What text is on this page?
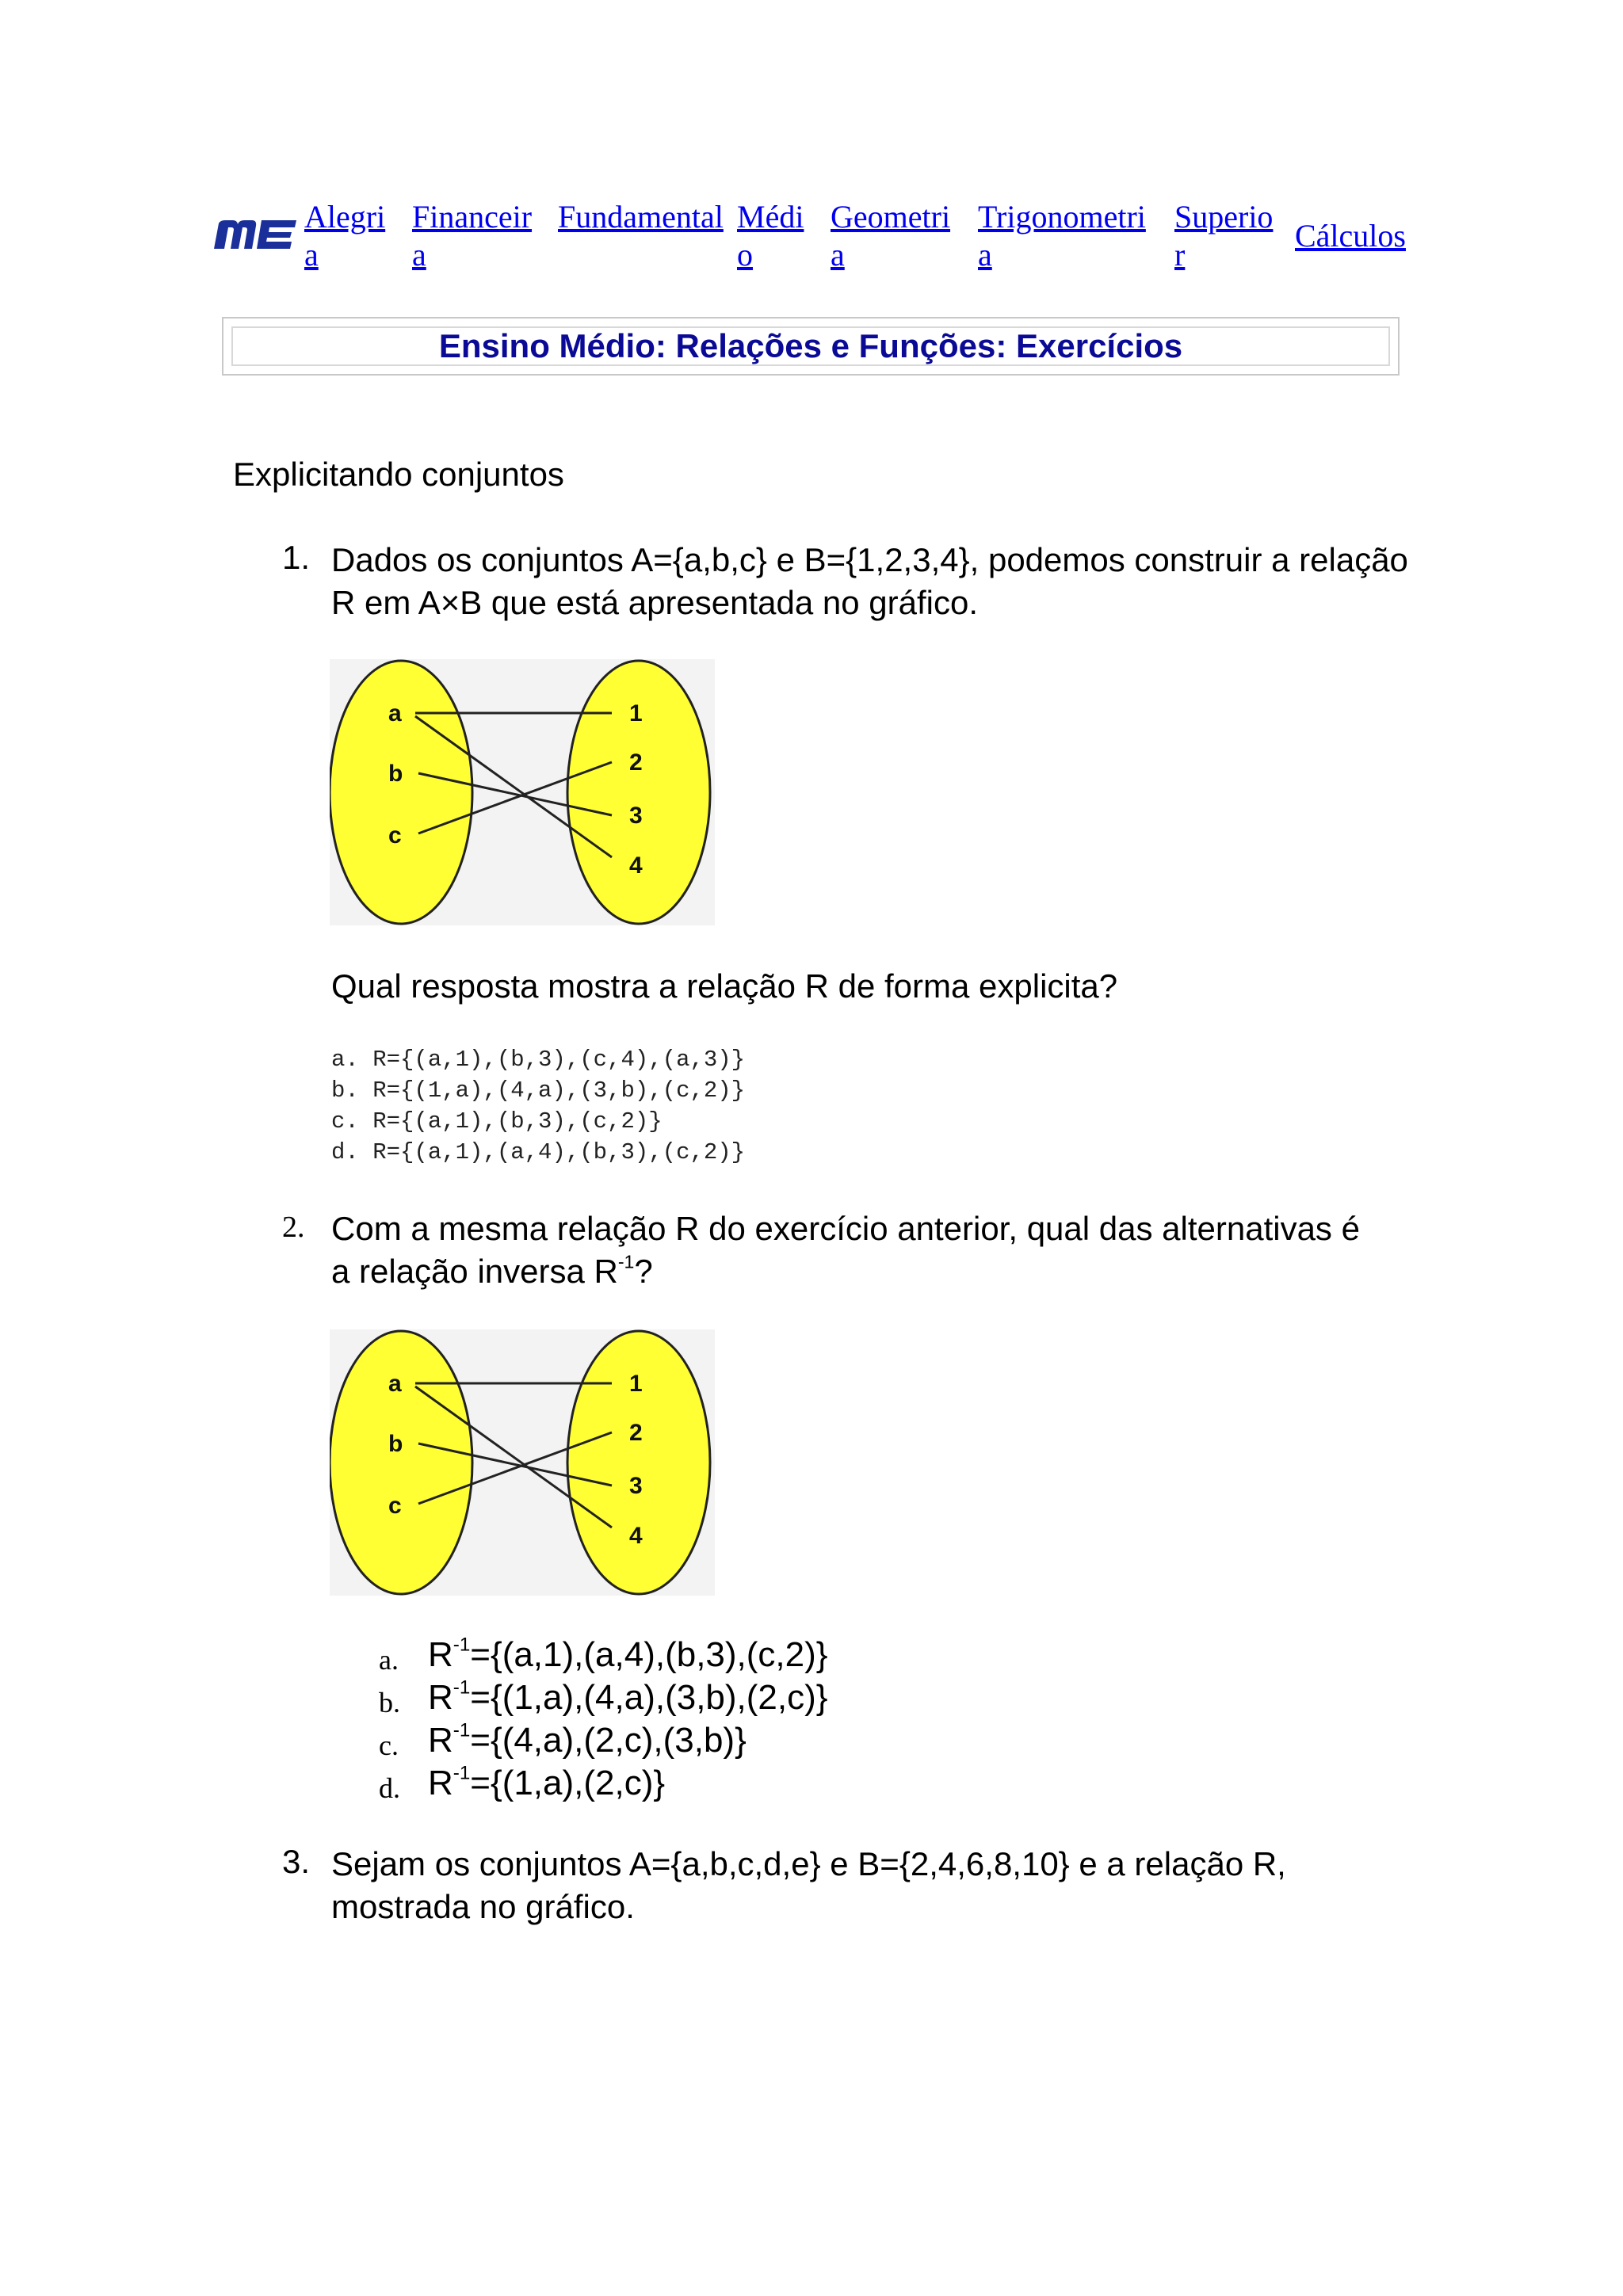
Alegria
Financeira
Fundamental Médio
Geometria
Trigonometria
Superior
Cálculos
Ensino Médio: Relações e Funções: Exercícios
Explicitando conjuntos
1. Dados os conjuntos A={a,b,c} e B={1,2,3,4}, podemos construir a relação R em A×B que está apresentada no gráfico.
a
b
c
1
2
3
4
Qual resposta mostra a relação R de forma explicita?
a. R={(a,1),(b,3),(c,4),(a,3)}
b. R={(1,a),(4,a),(3,b),(c,2)}
c. R={(a,1),(b,3),(c,2)}
d. R={(a,1),(a,4),(b,3),(c,2)}
2. Com a mesma relação R do exercício anterior, qual das alternativas é a relação inversa $R^{-1}$?
a
b
c
1
2
3
4
a. $R^{-1}=\{(a,1),(a,4),(b,3),(c,2)\}$
b. $R^{-1}=\{(1,a),(4,a),(3,b),(2,c)\}$
c. $R^{-1}=\{(4,a),(2,c),(3,b)\}$
d. $R^{-1}=\{(1,a),(2,c)\}$
3. Sejam os conjuntos A={a,b,c,d,e} e B={2,4,6,8,10} e a relação R, mostrada no gráfico.
